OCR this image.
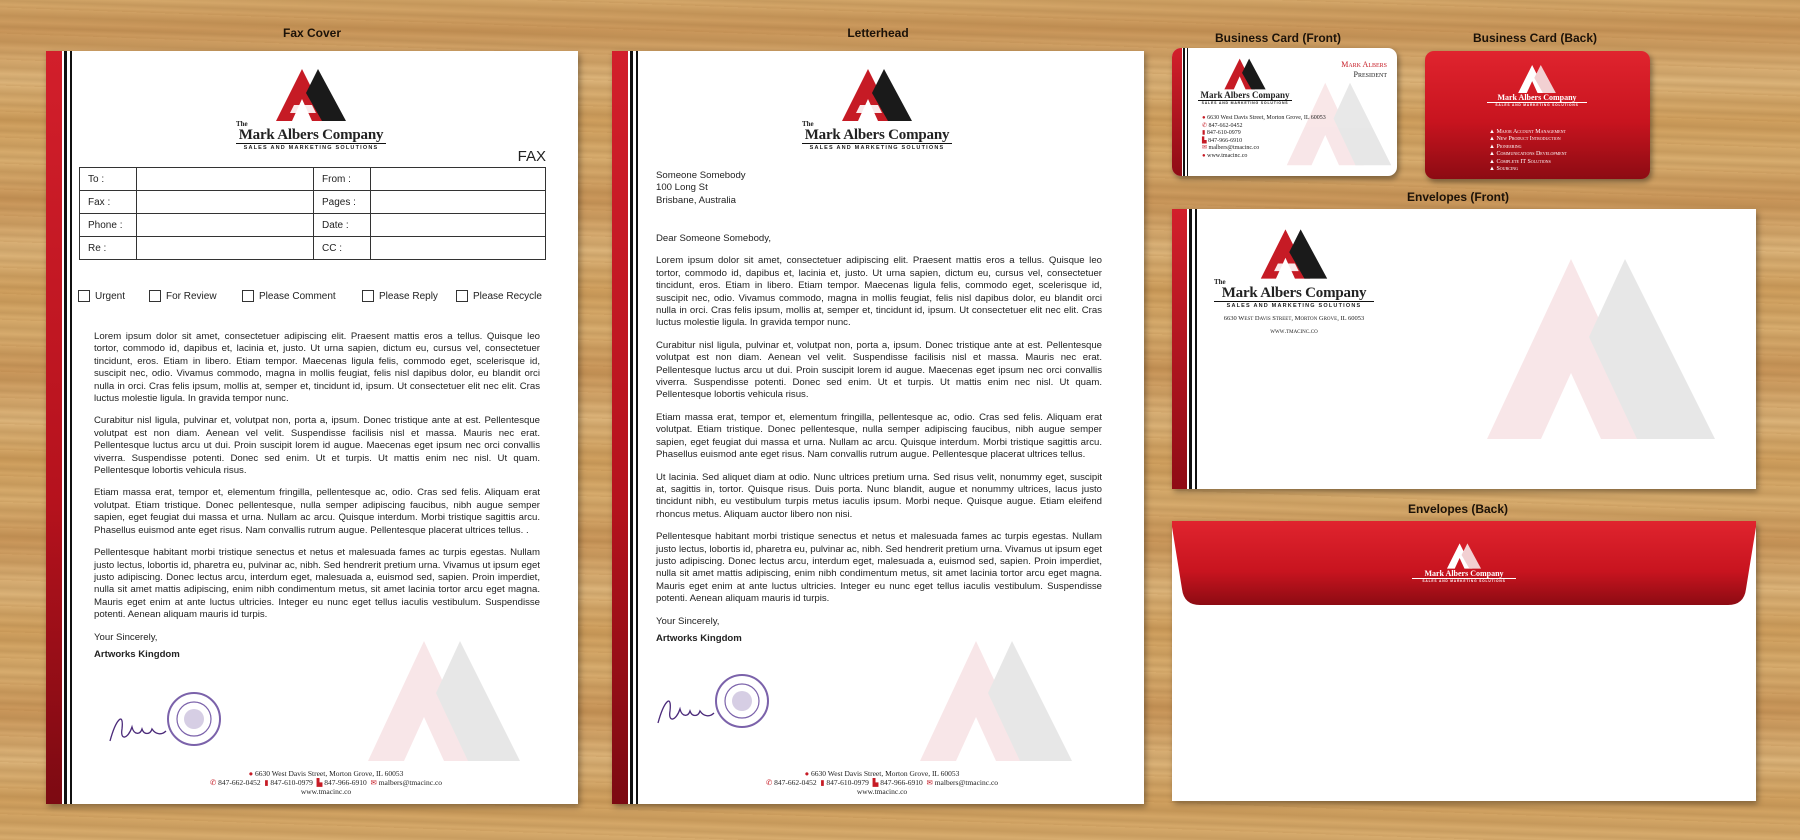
Fax Cover	Letterhead	Business Card (Front)	Business Card (Back)
Envelopes (Front)
Envelopes (Back)
The
Mark Albers Company
SALES AND MARKETING SOLUTIONS	FAX
To :		From :	
Fax :		Pages :	
Phone :		Date :	
Re :		CC :	
Urgent	For Review	Please Comment	Please Reply	Please Recycle

Lorem ipsum dolor sit amet, consectetuer adipiscing elit. Praesent mattis eros a tellus. Quisque leo tortor, commodo id, dapibus et, lacinia et, justo. Ut urna sapien, dictum eu, cursus vel, consectetuer tincidunt, eros. Etiam in libero. Etiam tempor. Maecenas ligula felis, commodo eget, scelerisque id, suscipit nec, odio. Vivamus commodo, magna in mollis feugiat, felis nisl dapibus dolor, eu blandit orci nulla in orci. Cras felis ipsum, mollis at, semper et, tincidunt id, ipsum. Ut consectetuer elit nec elit. Cras luctus molestie ligula. In gravida tempor nunc.

Curabitur nisl ligula, pulvinar et, volutpat non, porta a, ipsum. Donec tristique ante at est. Pellentesque volutpat est non diam. Aenean vel velit. Suspendisse facilisis nisl et massa. Mauris nec erat. Pellentesque luctus arcu ut dui. Proin suscipit lorem id augue. Maecenas eget ipsum nec orci convallis viverra. Suspendisse potenti. Donec sed enim. Ut et turpis. Ut mattis enim nec nisl. Ut quam. Pellentesque lobortis vehicula risus.

Etiam massa erat, tempor et, elementum fringilla, pellentesque ac, odio. Cras sed felis. Aliquam erat volutpat. Etiam tristique. Donec pellentesque, nulla semper adipiscing faucibus, nibh augue semper sapien, eget feugiat dui massa et urna. Nullam ac arcu. Quisque interdum. Morbi tristique sagittis arcu. Phasellus euismod ante eget risus. Nam convallis rutrum augue. Pellentesque placerat ultrices tellus. .

Pellentesque habitant morbi tristique senectus et netus et malesuada fames ac turpis egestas. Nullam justo lectus, lobortis id, pharetra eu, pulvinar ac, nibh. Sed hendrerit pretium urna. Vivamus ut ipsum eget justo adipiscing. Donec lectus arcu, interdum eget, malesuada a, euismod sed, sapien. Proin imperdiet, nulla sit amet mattis adipiscing, enim nibh condimentum metus, sit amet lacinia tortor arcu eget magna. Mauris eget enim at ante luctus ultricies. Integer eu nunc eget tellus iaculis vestibulum. Suspendisse potenti. Aenean aliquam mauris id turpis.

Your Sincerely,
Artworks Kingdom
● 6630 West Davis Street, Morton Grove, IL 60053
✆ 847-662-0452 ▮ 847-610-0979 ▙ 847-966-6910 ✉ malbers@tmacinc.co
www.tmacinc.co
The
Mark Albers Company
SALES AND MARKETING SOLUTIONS
Someone Somebody
100 Long St
Brisbane, Australia

Dear Someone Somebody,

Lorem ipsum dolor sit amet, consectetuer adipiscing elit. Praesent mattis eros a tellus. Quisque leo tortor, commodo id, dapibus et, lacinia et, justo. Ut urna sapien, dictum eu, cursus vel, consectetuer tincidunt, eros. Etiam in libero. Etiam tempor. Maecenas ligula felis, commodo eget, scelerisque id, suscipit nec, odio. Vivamus commodo, magna in mollis feugiat, felis nisl dapibus dolor, eu blandit orci nulla in orci. Cras felis ipsum, mollis at, semper et, tincidunt id, ipsum. Ut consectetuer elit nec elit. Cras luctus molestie ligula. In gravida tempor nunc.

Curabitur nisl ligula, pulvinar et, volutpat non, porta a, ipsum. Donec tristique ante at est. Pellentesque volutpat est non diam. Aenean vel velit. Suspendisse facilisis nisl et massa. Mauris nec erat. Pellentesque luctus arcu ut dui. Proin suscipit lorem id augue. Maecenas eget ipsum nec orci convallis viverra. Suspendisse potenti. Donec sed enim. Ut et turpis. Ut mattis enim nec nisl. Ut quam. Pellentesque lobortis vehicula risus.

Etiam massa erat, tempor et, elementum fringilla, pellentesque ac, odio. Cras sed felis. Aliquam erat volutpat. Etiam tristique. Donec pellentesque, nulla semper adipiscing faucibus, nibh augue semper sapien, eget feugiat dui massa et urna. Nullam ac arcu. Quisque interdum. Morbi tristique sagittis arcu. Phasellus euismod ante eget risus. Nam convallis rutrum augue. Pellentesque placerat ultrices tellus.

Ut lacinia. Sed aliquet diam at odio. Nunc ultrices pretium urna. Sed risus velit, nonummy eget, suscipit at, sagittis in, tortor. Quisque risus. Duis porta. Nunc blandit, augue et nonummy ultrices, lacus justo tincidunt nibh, eu vestibulum turpis metus iaculis ipsum. Morbi neque. Quisque augue. Etiam eleifend rhoncus metus. Aliquam auctor libero non nisi.

Pellentesque habitant morbi tristique senectus et netus et malesuada fames ac turpis egestas. Nullam justo lectus, lobortis id, pharetra eu, pulvinar ac, nibh. Sed hendrerit pretium urna. Vivamus ut ipsum eget justo adipiscing. Donec lectus arcu, interdum eget, malesuada a, euismod sed, sapien. Proin imperdiet, nulla sit amet mattis adipiscing, enim nibh condimentum metus, sit amet lacinia tortor arcu eget magna. Mauris eget enim at ante luctus ultricies. Integer eu nunc eget tellus iaculis vestibulum. Suspendisse potenti. Aenean aliquam mauris id turpis.

Your Sincerely,
Artworks Kingdom
● 6630 West Davis Street, Morton Grove, IL 60053
✆ 847-662-0452 ▮ 847-610-0979 ▙ 847-966-6910 ✉ malbers@tmacinc.co
www.tmacinc.co
Mark Albers Company
SALES AND MARKETING SOLUTIONS
Mark Albers
President
● 6630 West Davis Street, Morton Grove, IL 60053
✆ 847-662-0452
▮ 847-610-0979
▙ 847-966-6910
✉ malbers@tmacinc.co
● www.tmacinc.co
Mark Albers Company
SALES AND MARKETING SOLUTIONS
▲ Major Account Management
▲ New Product Introduction
▲ Pioneering
▲ Communications Development
▲ Complete IT Solutions
▲ Sourcing
The
Mark Albers Company
SALES AND MARKETING SOLUTIONS
6630 West Davis Street, Morton Grove, IL 60053
www.tmacinc.co
Mark Albers Company
SALES AND MARKETING SOLUTIONS
